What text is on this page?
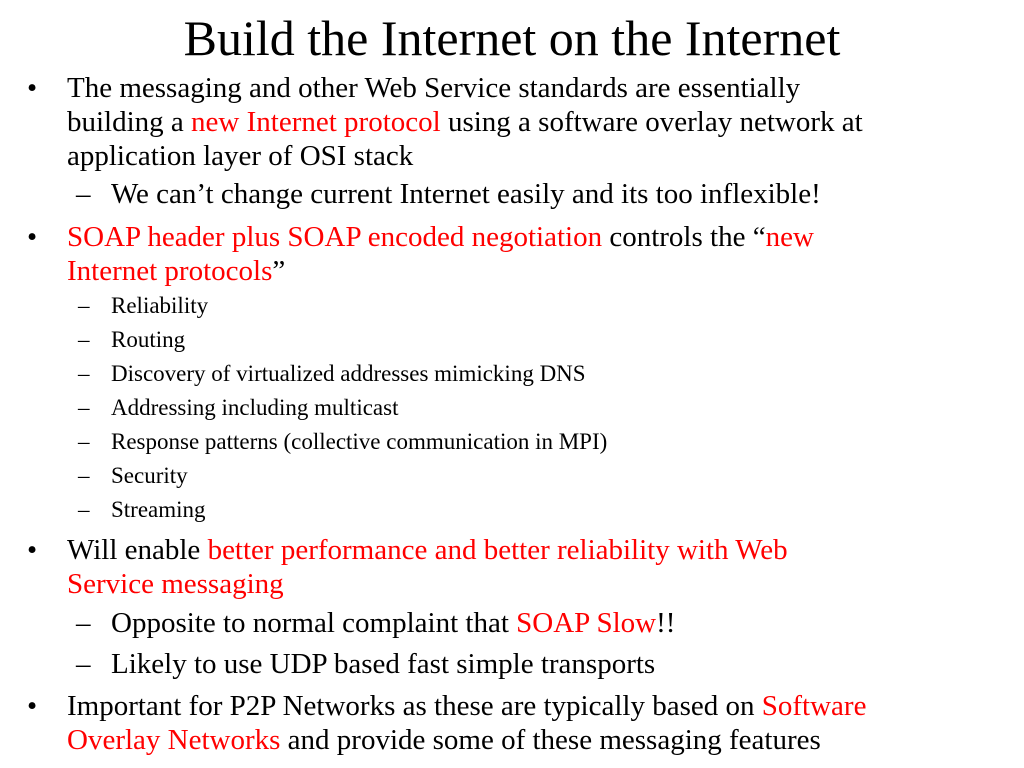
Build the Internet on the Internet
• The messaging and other Web Service standards are essentially
building a new Internet protocol using a software overlay network at
application layer of OSI stack
– We can’t change current Internet easily and its too inflexible!
• SOAP header plus SOAP encoded negotiation controls the “new
Internet protocols”
– Reliability
– Routing
– Discovery of virtualized addresses mimicking DNS
– Addressing including multicast
– Response patterns (collective communication in MPI)
– Security
– Streaming
• Will enable better performance and better reliability with Web
Service messaging
– Opposite to normal complaint that SOAP Slow!!
– Likely to use UDP based fast simple transports
• Important for P2P Networks as these are typically based on Software
Overlay Networks and provide some of these messaging features
